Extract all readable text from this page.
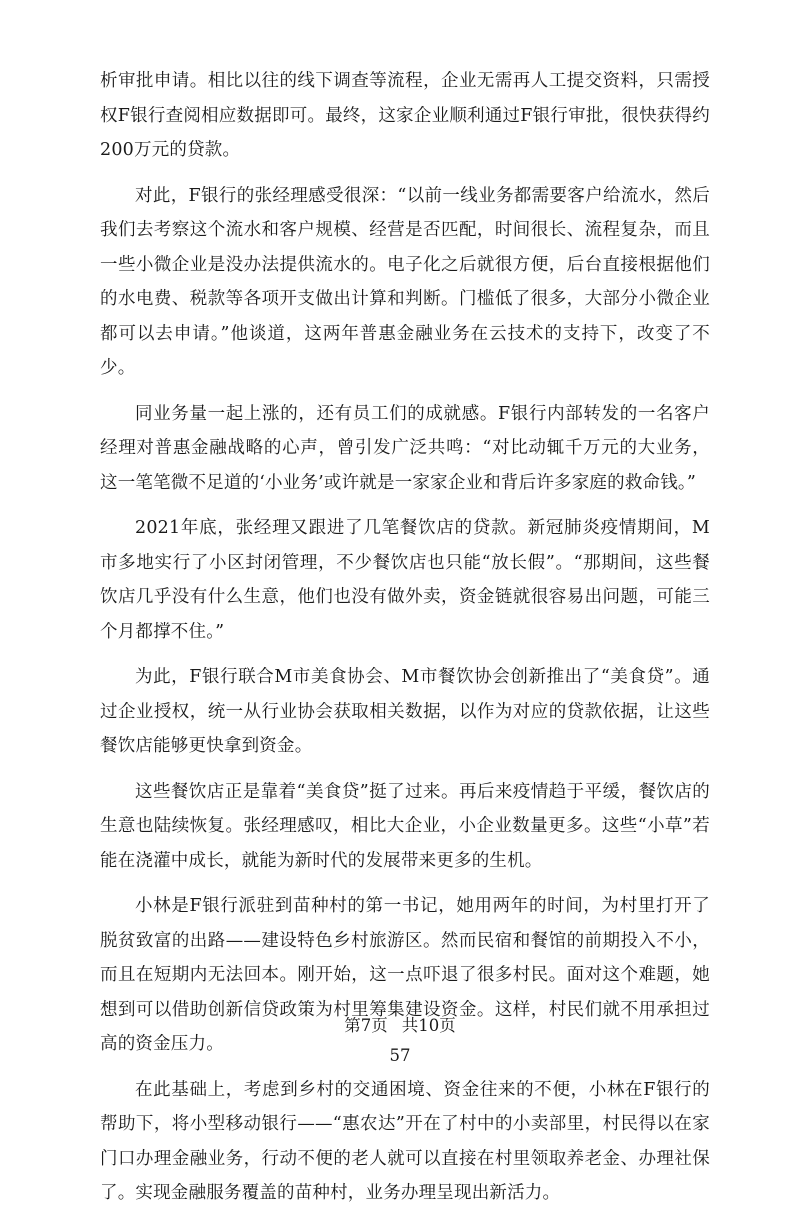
析审批申请。相比以往的线下调查等流程，企业无需再人工提交资料，只需授权F银行查阅相应数据即可。最终，这家企业顺利通过F银行审批，很快获得约200万元的贷款。

对此，F银行的张经理感受很深：“以前一线业务都需要客户给流水，然后我们去考察这个流水和客户规模、经营是否匹配，时间很长、流程复杂，而且一些小微企业是没办法提供流水的。电子化之后就很方便，后台直接根据他们的水电费、税款等各项开支做出计算和判断。门槛低了很多，大部分小微企业都可以去申请。”他谈道，这两年普惠金融业务在云技术的支持下，改变了不少。

同业务量一起上涨的，还有员工们的成就感。F银行内部转发的一名客户经理对普惠金融战略的心声，曾引发广泛共鸣：“对比动辄千万元的大业务，这一笔笔微不足道的‘小业务’或许就是一家家企业和背后许多家庭的救命钱。”

2021年底，张经理又跟进了几笔餐饮店的贷款。新冠肺炎疫情期间，M市多地实行了小区封闭管理，不少餐饮店也只能“放长假”。“那期间，这些餐饮店几乎没有什么生意，他们也没有做外卖，资金链就很容易出问题，可能三个月都撑不住。”

为此，F银行联合M市美食协会、M市餐饮协会创新推出了“美食贷”。通过企业授权，统一从行业协会获取相关数据，以作为对应的贷款依据，让这些餐饮店能够更快拿到资金。

这些餐饮店正是靠着“美食贷”挺了过来。再后来疫情趋于平缓，餐饮店的生意也陆续恢复。张经理感叹，相比大企业，小企业数量更多。这些“小草”若能在浇灌中成长，就能为新时代的发展带来更多的生机。

小林是F银行派驻到苗种村的第一书记，她用两年的时间，为村里打开了脱贫致富的出路——建设特色乡村旅游区。然而民宿和餐馆的前期投入不小，而且在短期内无法回本。刚开始，这一点吓退了很多村民。面对这个难题，她想到可以借助创新信贷政策为村里筹集建设资金。这样，村民们就不用承担过高的资金压力。

在此基础上，考虑到乡村的交通困境、资金往来的不便，小林在F银行的帮助下，将小型移动银行——“惠农达”开在了村中的小卖部里，村民得以在家门口办理金融业务，行动不便的老人就可以直接在村里领取养老金、办理社保了。实现金融服务覆盖的苗种村，业务办理呈现出新活力。

第7页 共10页
57
